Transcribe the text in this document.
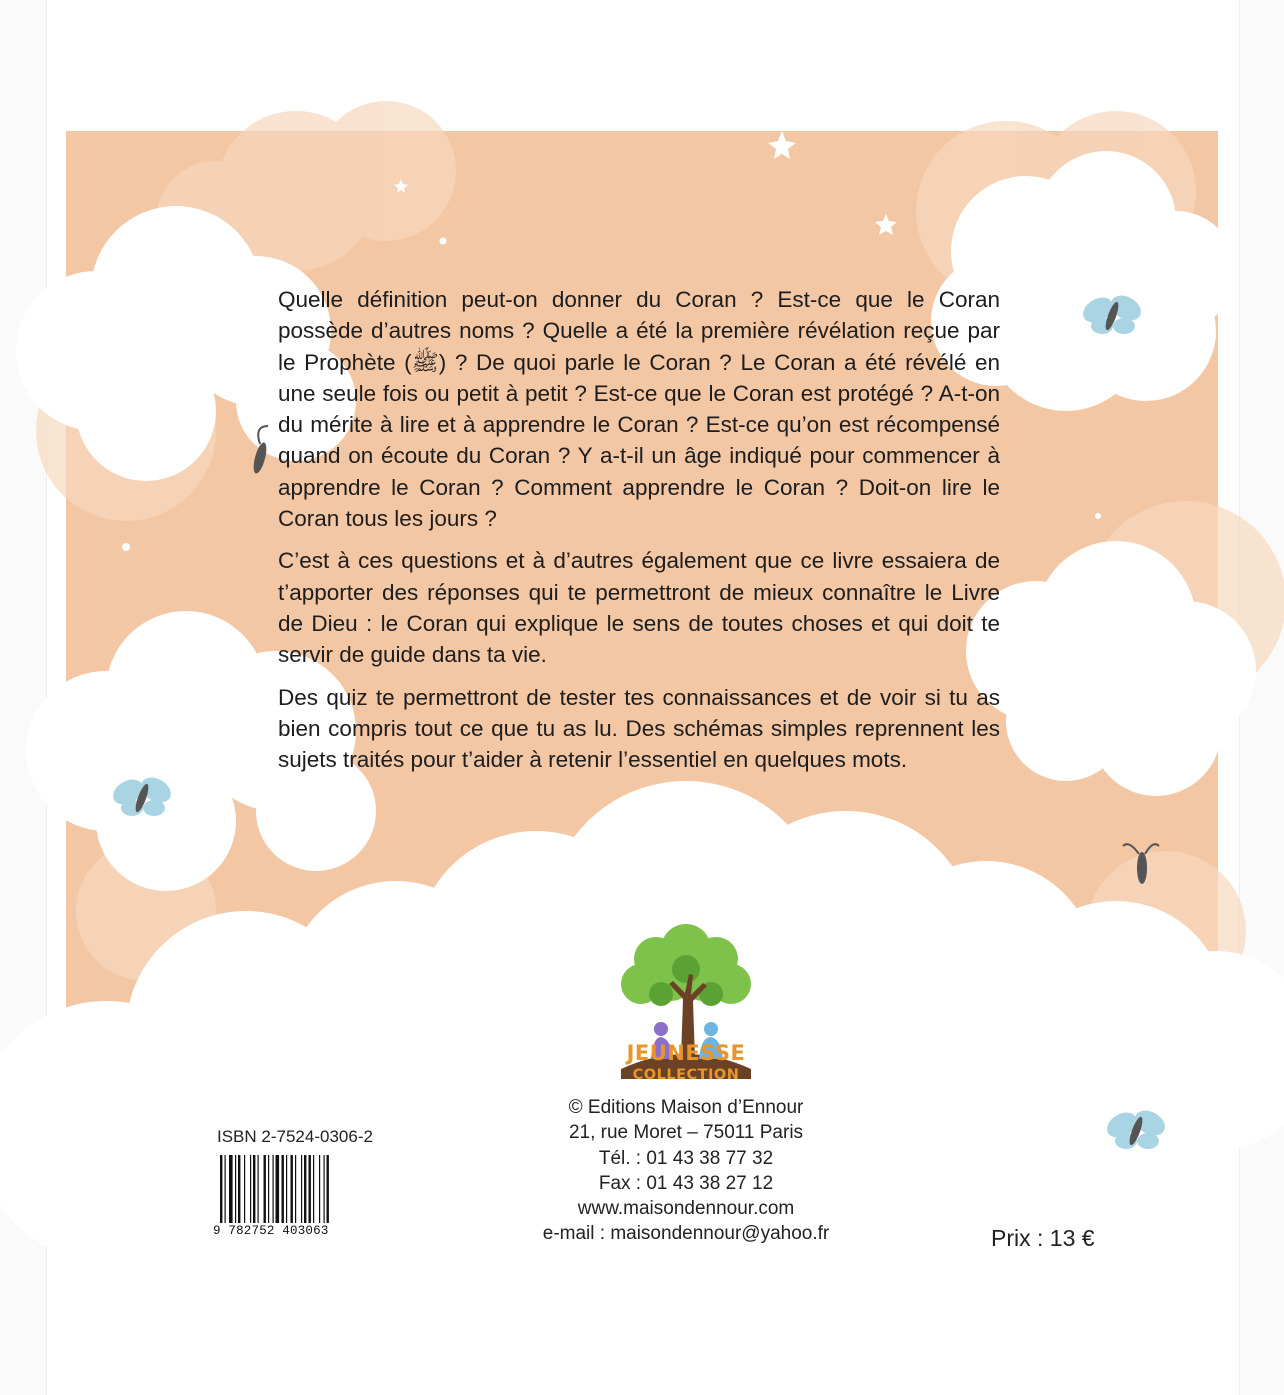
Quelle définition peut-on donner du Coran ? Est-ce que le Coran possède d’autres noms ? Quelle a été la première révélation reçue par le Prophète (ﷺ) ? De quoi parle le Coran ? Le Coran a été révélé en une seule fois ou petit à petit ? Est-ce que le Coran est protégé ? A-t-on du mérite à lire et à apprendre le Coran ? Est-ce qu’on est récompensé quand on écoute du Coran ? Y a-t-il un âge indiqué pour commencer à apprendre le Coran ? Comment apprendre le Coran ? Doit-on lire le Coran tous les jours ?

C’est à ces questions et à d’autres également que ce livre essaiera de t’apporter des réponses qui te permettront de mieux connaître le Livre de Dieu : le Coran qui explique le sens de toutes choses et qui doit te servir de guide dans ta vie.

Des quiz te permettront de tester tes connaissances et de voir si tu as bien compris tout ce que tu as lu. Des schémas simples reprennent les sujets traités pour t’aider à retenir l’essentiel en quelques mots.

JEUNESSE
COLLECTION
© Editions Maison d’Ennour
21, rue Moret – 75011 Paris
Tél. : 01 43 38 77 32
Fax : 01 43 38 27 12
www.maisondennour.com
e-mail : maisondennour@yahoo.fr
ISBN 2-7524-0306-2
9 782752 403063	Prix : 13 €
